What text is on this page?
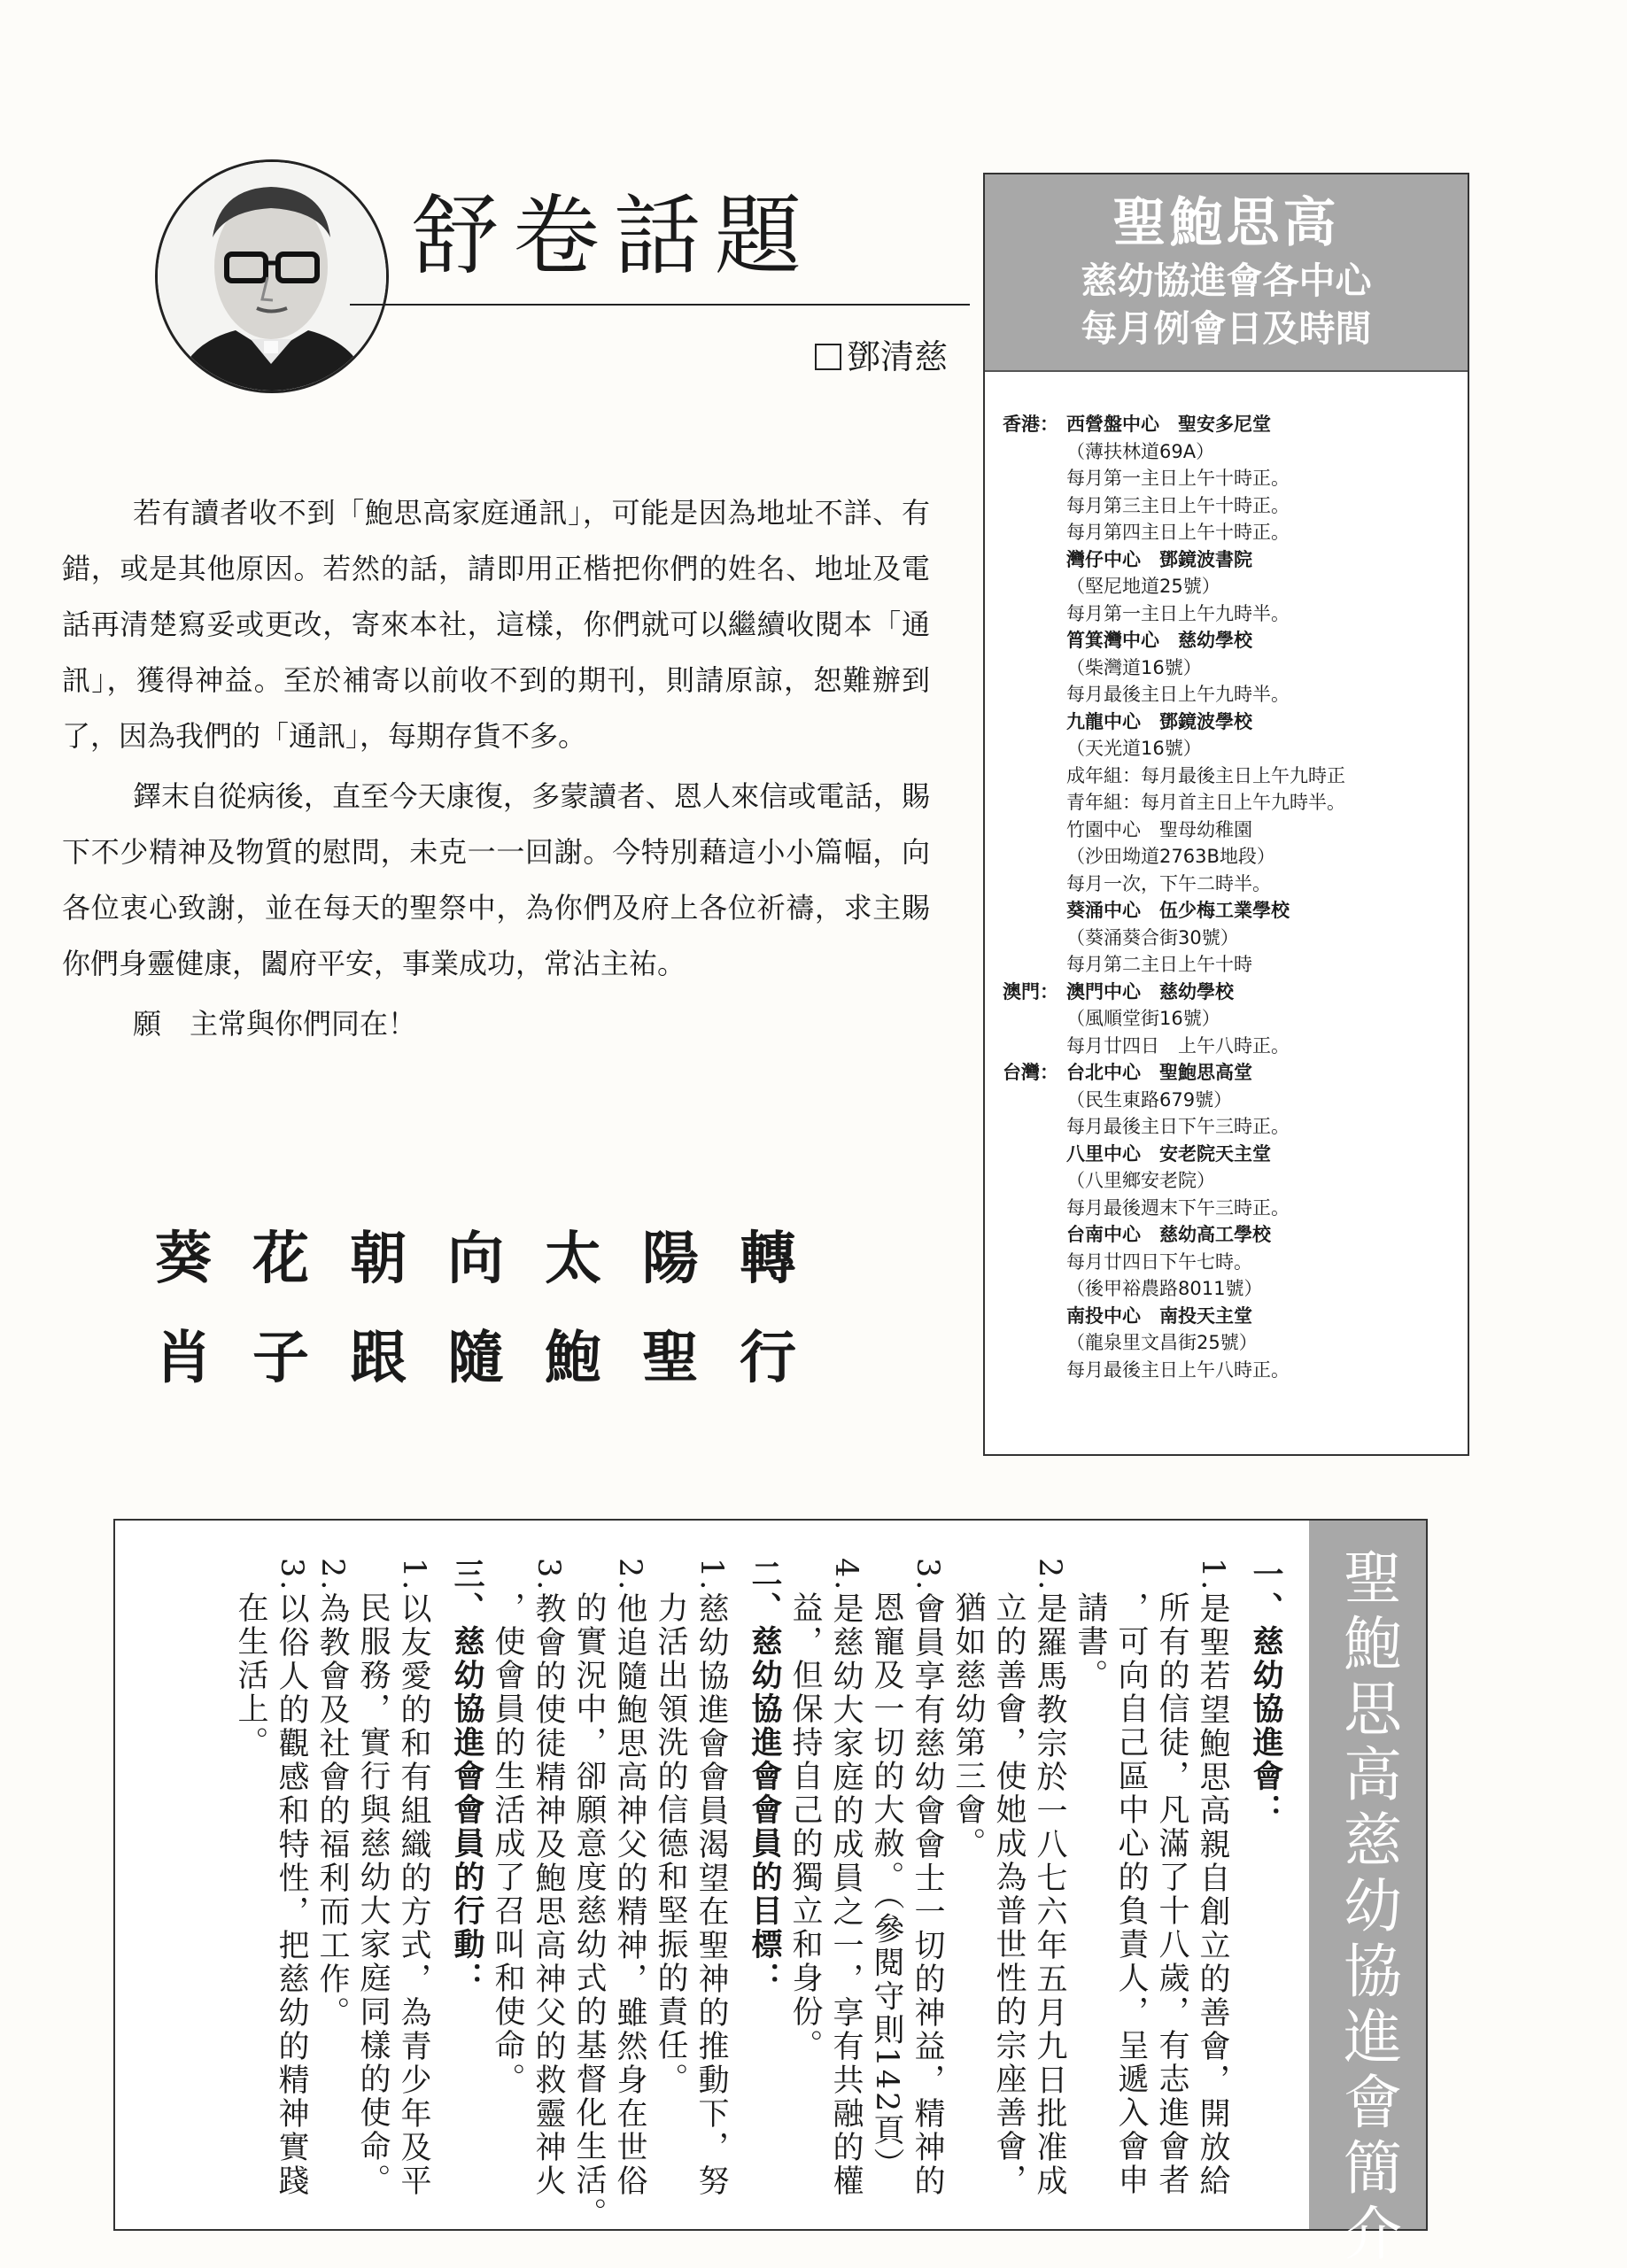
舒卷話題
鄧清慈

若有讀者收不到「鮑思高家庭通訊」，可能是因為地址不詳、有錯，或是其他原因。若然的話，請即用正楷把你們的姓名、地址及電話再清楚寫妥或更改，寄來本社，這樣，你們就可以繼續收閱本「通訊」，獲得神益。至於補寄以前收不到的期刊，則請原諒，恕難辦到了，因為我們的「通訊」，每期存貨不多。

鐸末自從病後，直至今天康復，多蒙讀者、恩人來信或電話，賜下不少精神及物質的慰問，未克一一回謝。今特別藉這小小篇幅，向各位衷心致謝，並在每天的聖祭中，為你們及府上各位祈禱，求主賜你們身靈健康，闔府平安，事業成功，常沾主祐。

願　主常與你們同在！

葵花朝向太陽轉
肖子跟隨鮑聖行
聖鮑思高
慈幼協進會各中心
每月例會日及時間
香港： 西營盤中心　聖安多尼堂
（薄扶林道69A）
每月第一主日上午十時正。
每月第三主日上午十時正。
每月第四主日上午十時正。
灣仔中心　鄧鏡波書院
（堅尼地道25號）
每月第一主日上午九時半。
筲箕灣中心　慈幼學校
（柴灣道16號）
每月最後主日上午九時半。
九龍中心　鄧鏡波學校
（天光道16號）
成年組：每月最後主日上午九時正
青年組：每月首主日上午九時半。
竹園中心　聖母幼稚園
（沙田坳道2763B地段）
每月一次，下午二時半。
葵涌中心　伍少梅工業學校
（葵涌葵合街30號）
每月第二主日上午十時
澳門： 澳門中心　慈幼學校
（風順堂街16號）
每月廿四日　上午八時正。
台灣： 台北中心　聖鮑思高堂
（民生東路679號）
每月最後主日下午三時正。
八里中心　安老院天主堂
（八里鄉安老院）
每月最後週末下午三時正。
台南中心　慈幼高工學校
每月廿四日下午七時。
（後甲裕農路8011號）
南投中心　南投天主堂
（龍泉里文昌街25號）
每月最後主日上午八時正。
聖鮑思高慈幼協進會簡介
一、慈幼協進會：
1.是聖若望鮑思高親自創立的善會，開放給
　所有的信徒，凡滿了十八歲，有志進會者
　，可向自己區中心的負責人，呈遞入會申
　請書。
2.是羅馬教宗於一八七六年五月九日批准成
　立的善會，使她成為普世性的宗座善會，
　猶如慈幼第三會。
3.會員享有慈幼會會士一切的神益，精神的
　恩寵及一切的大赦。（參閱守則142頁）
4.是慈幼大家庭的成員之一，享有共融的權
　益，但保持自己的獨立和身份。
二、慈幼協進會會員的目標：
1.慈幼協進會會員渴望在聖神的推動下，努
　力活出領洗的信德和堅振的責任。
2.他追隨鮑思高神父的精神，雖然身在世俗
　的實況中，卻願意度慈幼式的基督化生活。
3.教會的使徒精神及鮑思高神父的救靈神火
　，使會員的生活成了召叫和使命。
三、慈幼協進會會員的行動：
1.以友愛的和有組織的方式，為青少年及平
　民服務，實行與慈幼大家庭同樣的使命。
2.為教會及社會的福利而工作。
3.以俗人的觀感和特性，把慈幼的精神實踐
　在生活上。
